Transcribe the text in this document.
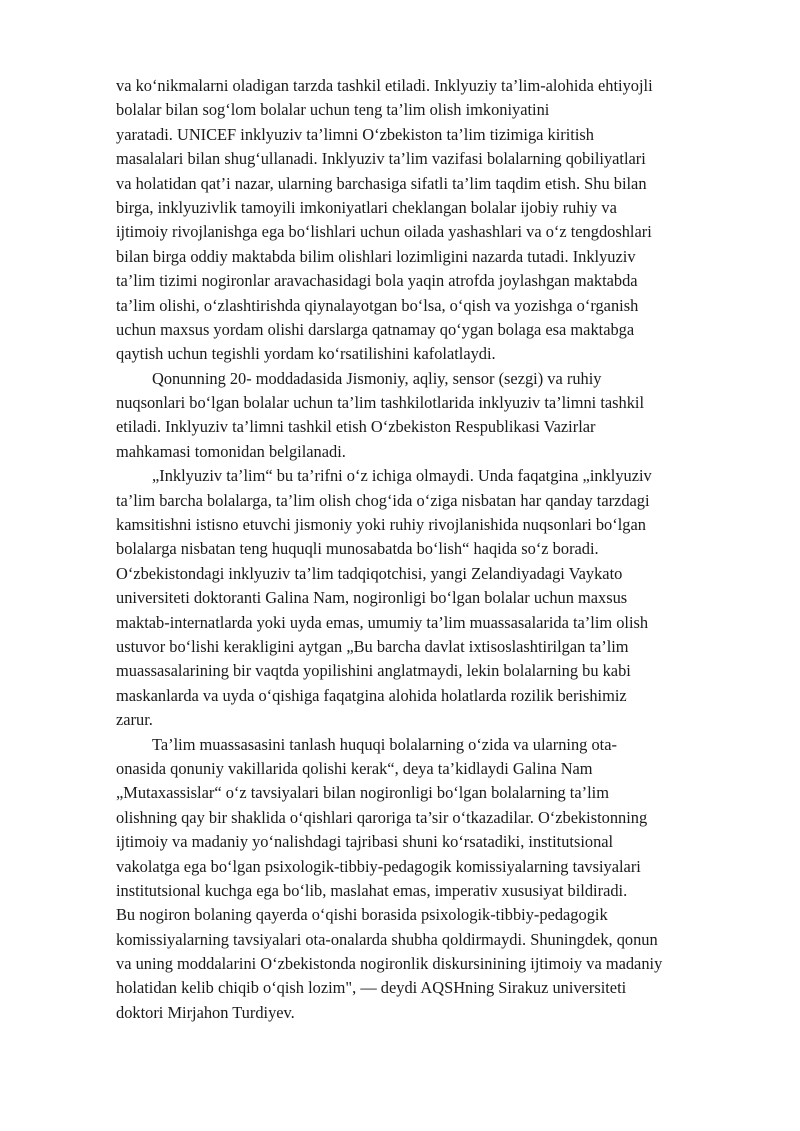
va ko‘nikmalarni oladigan tarzda tashkil etiladi. Inklyuziy ta’lim-alohida ehtiyojli
bolalar bilan sog‘lom bolalar uchun teng ta’lim olish imkoniyatini
yaratadi. UNICEF inklyuziv ta’limni O‘zbekiston ta’lim tizimiga kiritish
masalalari bilan shug‘ullanadi. Inklyuziv ta’lim vazifasi bolalarning qobiliyatlari
va holatidan qat’i nazar, ularning barchasiga sifatli ta’lim taqdim etish. Shu bilan
birga, inklyuzivlik tamoyili imkoniyatlari cheklangan bolalar ijobiy ruhiy va
ijtimoiy rivojlanishga ega bo‘lishlari uchun oilada yashashlari va o‘z tengdoshlari
bilan birga oddiy maktabda bilim olishlari lozimligini nazarda tutadi. Inklyuziv
ta’lim tizimi nogironlar aravachasidagi bola yaqin atrofda joylashgan maktabda
ta’lim olishi, o‘zlashtirishda qiynalayotgan bo‘lsa, o‘qish va yozishga o‘rganish
uchun maxsus yordam olishi darslarga qatnamay qo‘ygan bolaga esa maktabga
qaytish uchun tegishli yordam ko‘rsatilishini kafolatlaydi.
Qonunning 20- moddadasida Jismoniy, aqliy, sensor (sezgi) va ruhiy
nuqsonlari bo‘lgan bolalar uchun ta’lim tashkilotlarida inklyuziv ta’limni tashkil
etiladi. Inklyuziv ta’limni tashkil etish O‘zbekiston Respublikasi Vazirlar
mahkamasi tomonidan belgilanadi.
„Inklyuziv ta’lim“ bu ta’rifni o‘z ichiga olmaydi. Unda faqatgina „inklyuziv
ta’lim barcha bolalarga, ta’lim olish chog‘ida o‘ziga nisbatan har qanday tarzdagi
kamsitishni istisno etuvchi jismoniy yoki ruhiy rivojlanishida nuqsonlari bo‘lgan
bolalarga nisbatan teng huquqli munosabatda bo‘lish“ haqida so‘z boradi.
O‘zbekistondagi inklyuziv ta’lim tadqiqotchisi, yangi Zelandiyadagi Vaykato
universiteti doktoranti Galina Nam, nogironligi bo‘lgan bolalar uchun maxsus
maktab-internatlarda yoki uyda emas, umumiy ta’lim muassasalarida ta’lim olish
ustuvor bo‘lishi kerakligini aytgan „Bu barcha davlat ixtisoslashtirilgan ta’lim
muassasalarining bir vaqtda yopilishini anglatmaydi, lekin bolalarning bu kabi
maskanlarda va uyda o‘qishiga faqatgina alohida holatlarda rozilik berishimiz
zarur.
Ta’lim muassasasini tanlash huquqi bolalarning o‘zida va ularning ota-
onasida qonuniy vakillarida qolishi kerak“, deya ta’kidlaydi Galina Nam
„Mutaxassislar“ o‘z tavsiyalari bilan nogironligi bo‘lgan bolalarning ta’lim
olishning qay bir shaklida o‘qishlari qaroriga ta’sir o‘tkazadilar. O‘zbekistonning
ijtimoiy va madaniy yo‘nalishdagi tajribasi shuni ko‘rsatadiki, institutsional
vakolatga ega bo‘lgan psixologik-tibbiy-pedagogik komissiyalarning tavsiyalari
institutsional kuchga ega bo‘lib, maslahat emas, imperativ xususiyat bildiradi.
Bu nogiron bolaning qayerda o‘qishi borasida psixologik-tibbiy-pedagogik
komissiyalarning tavsiyalari ota-onalarda shubha qoldirmaydi. Shuningdek, qonun
va uning moddalarini O‘zbekistonda nogironlik diskursinining ijtimoiy va madaniy
holatidan kelib chiqib o‘qish lozim", — deydi AQSHning Sirakuz universiteti
doktori Mirjahon Turdiyev.
